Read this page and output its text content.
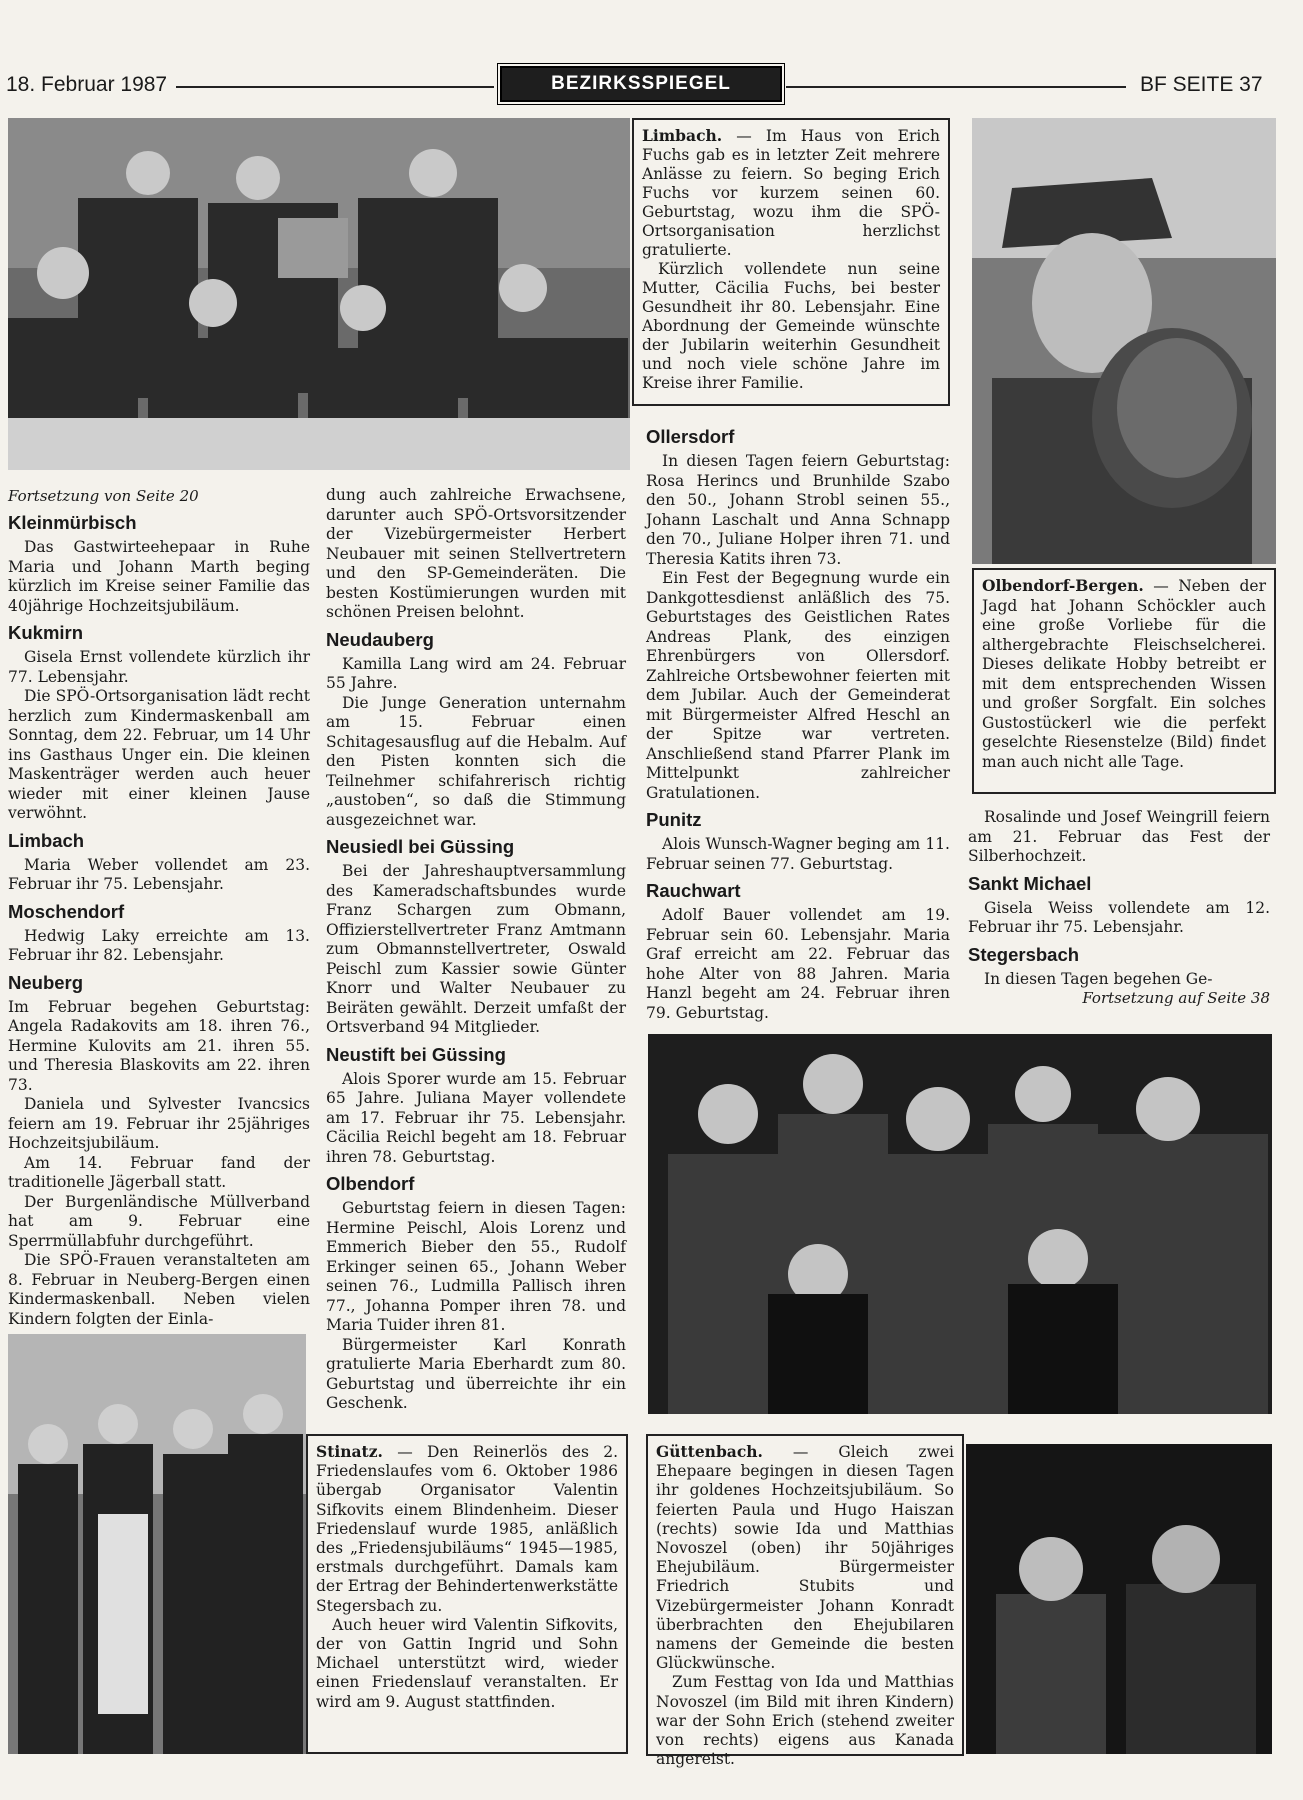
18. Februar 1987	BEZIRKSSPIEGEL	BF SEITE 37

Limbach. — Im Haus von Erich Fuchs gab es in letzter Zeit mehrere Anlässe zu feiern. So beging Erich Fuchs vor kurzem seinen 60. Geburtstag, wozu ihm die SPÖ-Ortsorganisation herzlichst gratulierte.

Kürzlich vollendete nun seine Mutter, Cäcilia Fuchs, bei bester Gesundheit ihr 80. Lebensjahr. Eine Abordnung der Gemeinde wünschte der Jubilarin weiterhin Gesundheit und noch viele schöne Jahre im Kreise ihrer Familie.

Fortsetzung von Seite 20
Kleinmürbisch

Das Gastwirteehepaar in Ruhe Maria und Johann Marth beging kürzlich im Kreise seiner Familie das 40jährige Hochzeitsjubiläum.

Kukmirn

Gisela Ernst vollendete kürzlich ihr 77. Lebensjahr.

Die SPÖ-Ortsorganisation lädt recht herzlich zum Kindermaskenball am Sonntag, dem 22. Februar, um 14 Uhr ins Gasthaus Unger ein. Die kleinen Maskenträger werden auch heuer wieder mit einer kleinen Jause verwöhnt.

Limbach

Maria Weber vollendet am 23. Februar ihr 75. Lebensjahr.

Moschendorf

Hedwig Laky erreichte am 13. Februar ihr 82. Lebensjahr.

Neuberg

Im Februar begehen Geburtstag: Angela Radakovits am 18. ihren 76., Hermine Kulovits am 21. ihren 55. und Theresia Blaskovits am 22. ihren 73.

Daniela und Sylvester Ivancsics feiern am 19. Februar ihr 25jähriges Hochzeitsjubiläum.

Am 14. Februar fand der traditionelle Jägerball statt.

Der Burgenländische Müllverband hat am 9. Februar eine Sperrmüllabfuhr durchgeführt.

Die SPÖ-Frauen veranstalteten am 8. Februar in Neuberg-Bergen einen Kindermaskenball. Neben vielen Kindern folgten der Einla-

dung auch zahlreiche Erwachsene, darunter auch SPÖ-Ortsvorsitzender der Vizebürgermeister Herbert Neubauer mit seinen Stellvertretern und den SP-Gemeinderäten. Die besten Kostümierungen wurden mit schönen Preisen belohnt.

Neudauberg

Kamilla Lang wird am 24. Februar 55 Jahre.

Die Junge Generation unternahm am 15. Februar einen Schitagesausflug auf die Hebalm. Auf den Pisten konnten sich die Teilnehmer schifahrerisch richtig „austoben“, so daß die Stimmung ausgezeichnet war.

Neusiedl bei Güssing

Bei der Jahreshauptversammlung des Kameradschaftsbundes wurde Franz Schargen zum Obmann, Offizierstellvertreter Franz Amtmann zum Obmannstellvertreter, Oswald Peischl zum Kassier sowie Günter Knorr und Walter Neubauer zu Beiräten gewählt. Derzeit umfaßt der Ortsverband 94 Mitglieder.

Neustift bei Güssing

Alois Sporer wurde am 15. Februar 65 Jahre. Juliana Mayer vollendete am 17. Februar ihr 75. Lebensjahr. Cäcilia Reichl begeht am 18. Februar ihren 78. Geburtstag.

Olbendorf

Geburtstag feiern in diesen Tagen: Hermine Peischl, Alois Lorenz und Emmerich Bieber den 55., Rudolf Erkinger seinen 65., Johann Weber seinen 76., Ludmilla Pallisch ihren 77., Johanna Pomper ihren 78. und Maria Tuider ihren 81.

Bürgermeister Karl Konrath gratulierte Maria Eberhardt zum 80. Geburtstag und überreichte ihr ein Geschenk.

Ollersdorf

In diesen Tagen feiern Geburtstag: Rosa Herincs und Brunhilde Szabo den 50., Johann Strobl seinen 55., Johann Laschalt und Anna Schnapp den 70., Juliane Holper ihren 71. und Theresia Katits ihren 73.

Ein Fest der Begegnung wurde ein Dankgottesdienst anläßlich des 75. Geburtstages des Geistlichen Rates Andreas Plank, des einzigen Ehrenbürgers von Ollersdorf. Zahlreiche Ortsbewohner feierten mit dem Jubilar. Auch der Gemeinderat mit Bürgermeister Alfred Heschl an der Spitze war vertreten. Anschließend stand Pfarrer Plank im Mittelpunkt zahlreicher Gratulationen.

Punitz

Alois Wunsch-Wagner beging am 11. Februar seinen 77. Geburtstag.

Rauchwart

Adolf Bauer vollendet am 19. Februar sein 60. Lebensjahr. Maria Graf erreicht am 22. Februar das hohe Alter von 88 Jahren. Maria Hanzl begeht am 24. Februar ihren 79. Geburtstag.

Olbendorf-Bergen. — Neben der Jagd hat Johann Schöckler auch eine große Vorliebe für die althergebrachte Fleischselcherei. Dieses delikate Hobby betreibt er mit dem entsprechenden Wissen und großer Sorgfalt. Ein solches Gustostückerl wie die perfekt geselchte Riesenstelze (Bild) findet man auch nicht alle Tage.

Rosalinde und Josef Weingrill feiern am 21. Februar das Fest der Silberhochzeit.

Sankt Michael

Gisela Weiss vollendete am 12. Februar ihr 75. Lebensjahr.

Stegersbach

In diesen Tagen begehen Ge-

Fortsetzung auf Seite 38

Stinatz. — Den Reinerlös des 2. Friedenslaufes vom 6. Oktober 1986 übergab Organisator Valentin Sifkovits einem Blindenheim. Dieser Friedenslauf wurde 1985, anläßlich des „Friedensjubiläums“ 1945—1985, erstmals durchgeführt. Damals kam der Ertrag der Behindertenwerkstätte Stegersbach zu.

Auch heuer wird Valentin Sifkovits, der von Gattin Ingrid und Sohn Michael unterstützt wird, wieder einen Friedenslauf veranstalten. Er wird am 9. August stattfinden.

Güttenbach. — Gleich zwei Ehepaare begingen in diesen Tagen ihr goldenes Hochzeitsjubiläum. So feierten Paula und Hugo Haiszan (rechts) sowie Ida und Matthias Novoszel (oben) ihr 50jähriges Ehejubiläum. Bürgermeister Friedrich Stubits und Vizebürgermeister Johann Konradt überbrachten den Ehejubilaren namens der Gemeinde die besten Glückwünsche.

Zum Festtag von Ida und Matthias Novoszel (im Bild mit ihren Kindern) war der Sohn Erich (stehend zweiter von rechts) eigens aus Kanada angereist.
